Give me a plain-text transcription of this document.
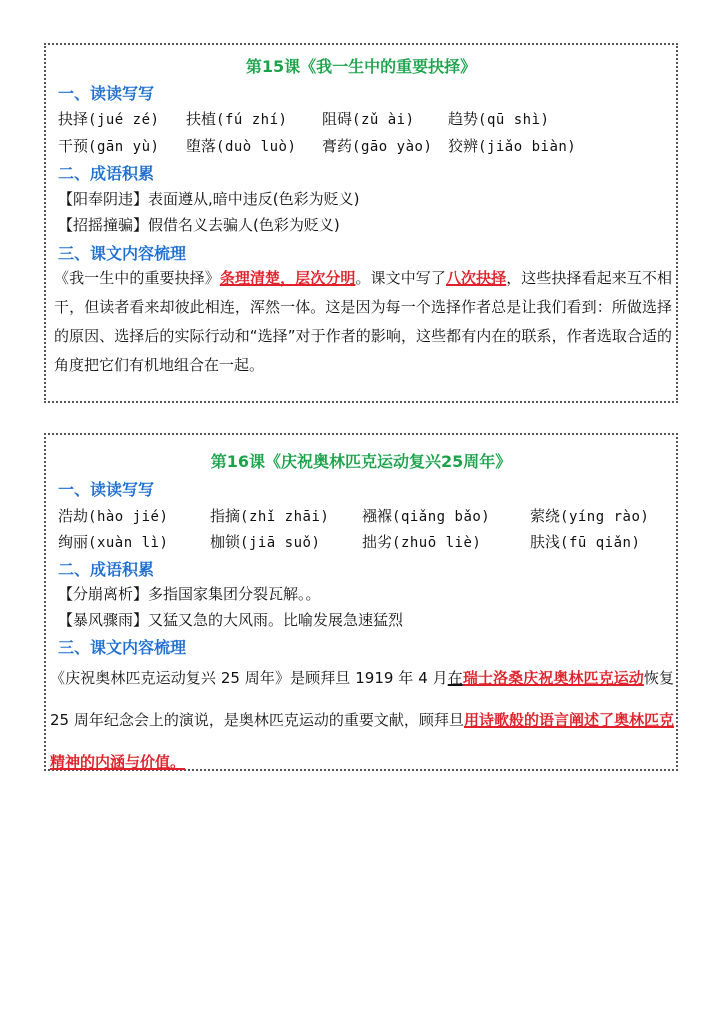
第15课《我一生中的重要抉择》
一、读读写写
抉择(jué zé) 扶植(fú zhí) 阻碍(zǔ ài) 趋势(qū shì)
干预(gān yù) 堕落(duò luò) 膏药(gāo yào) 狡辨(jiǎo biàn)
二、成语积累
【阳奉阴违】表面遵从,暗中违反(色彩为贬义)
【招摇撞骗】假借名义去骗人(色彩为贬义)
三、课文内容梳理
《我一生中的重要抉择》条理清楚，层次分明。课文中写了八次抉择，这些抉择看起来互不相干，但读者看来却彼此相连，浑然一体。这是因为每一个选择作者总是让我们看到：所做选择的原因、选择后的实际行动和“选择”对于作者的影响，这些都有内在的联系，作者选取合适的角度把它们有机地组合在一起。
第16课《庆祝奥林匹克运动复兴25周年》
一、读读写写
浩劫(hào jié)	指摘(zhǐ zhāi) 襁褓(qiǎng bǎo)	萦绕(yíng rào)
绚丽(xuàn lì)	枷锁(jiā suǒ)	拙劣(zhuō liè)	肤浅(fū qiǎn)
二、成语积累
【分崩离析】多指国家集团分裂瓦解。。
【暴风骤雨】又猛又急的大风雨。比喻发展急速猛烈
三、课文内容梳理
《庆祝奥林匹克运动复兴 25 周年》是顾拜旦 1919 年 4 月在瑞士洛桑庆祝奥林匹克运动恢复 25 周年纪念会上的演说，是奥林匹克运动的重要文献，顾拜旦用诗歌般的语言阐述了奥林匹克精神的内涵与价值。
